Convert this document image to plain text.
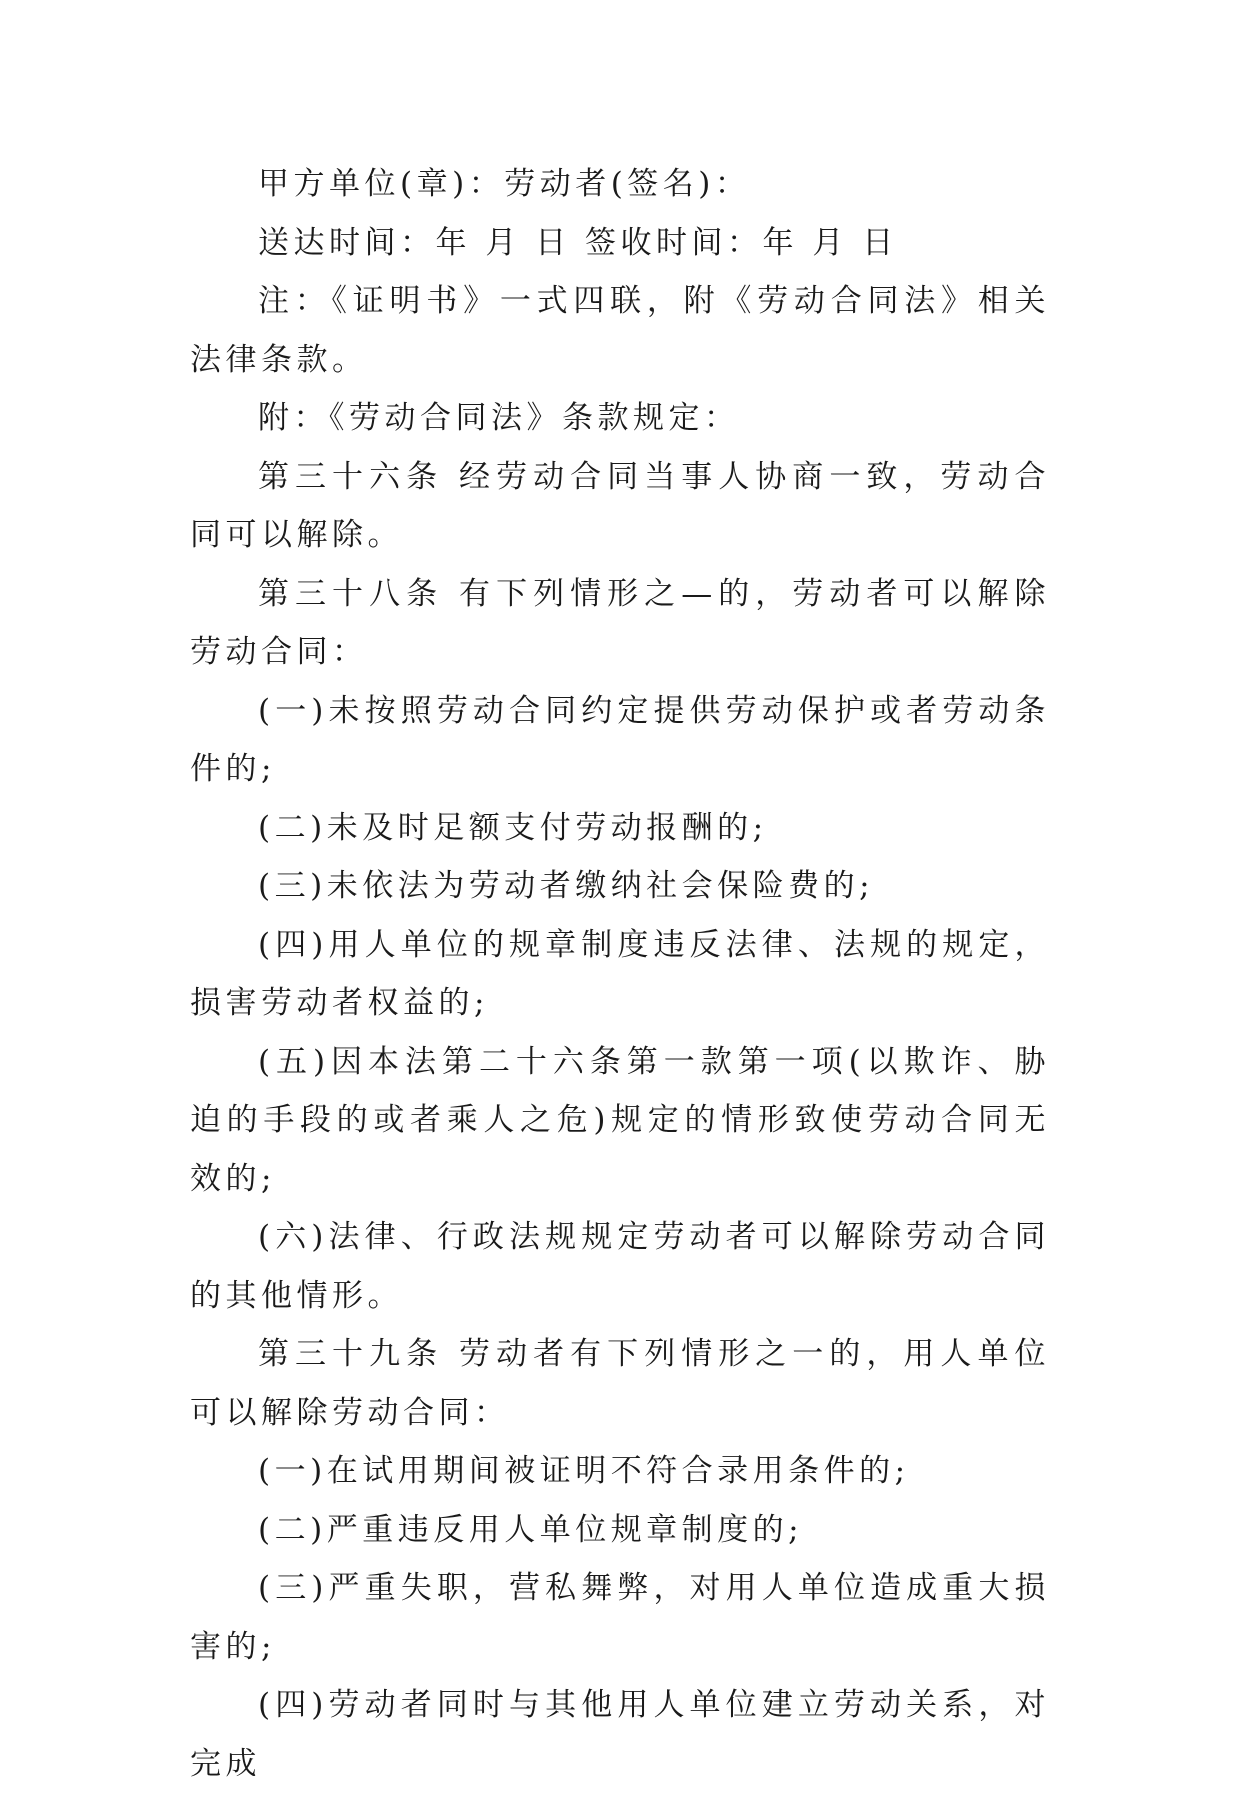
甲方单位(章)：劳动者(签名)：

送达时间：年 月 日 签收时间：年 月 日

注：《证明书》一式四联，附《劳动合同法》相关法律条款。

附：《劳动合同法》条款规定：

第三十六条 经劳动合同当事人协商一致，劳动合同可以解除。

第三十八条 有下列情形之—的，劳动者可以解除劳动合同：

(一)未按照劳动合同约定提供劳动保护或者劳动条件的;

(二)未及时足额支付劳动报酬的;

(三)未依法为劳动者缴纳社会保险费的;

(四)用人单位的规章制度违反法律、法规的规定，损害劳动者权益的;

(五)因本法第二十六条第一款第一项(以欺诈、胁迫的手段的或者乘人之危)规定的情形致使劳动合同无效的;

(六)法律、行政法规规定劳动者可以解除劳动合同的其他情形。

第三十九条 劳动者有下列情形之一的，用人单位可以解除劳动合同：

(一)在试用期间被证明不符合录用条件的;

(二)严重违反用人单位规章制度的;

(三)严重失职，营私舞弊，对用人单位造成重大损害的;

(四)劳动者同时与其他用人单位建立劳动关系，对完成
